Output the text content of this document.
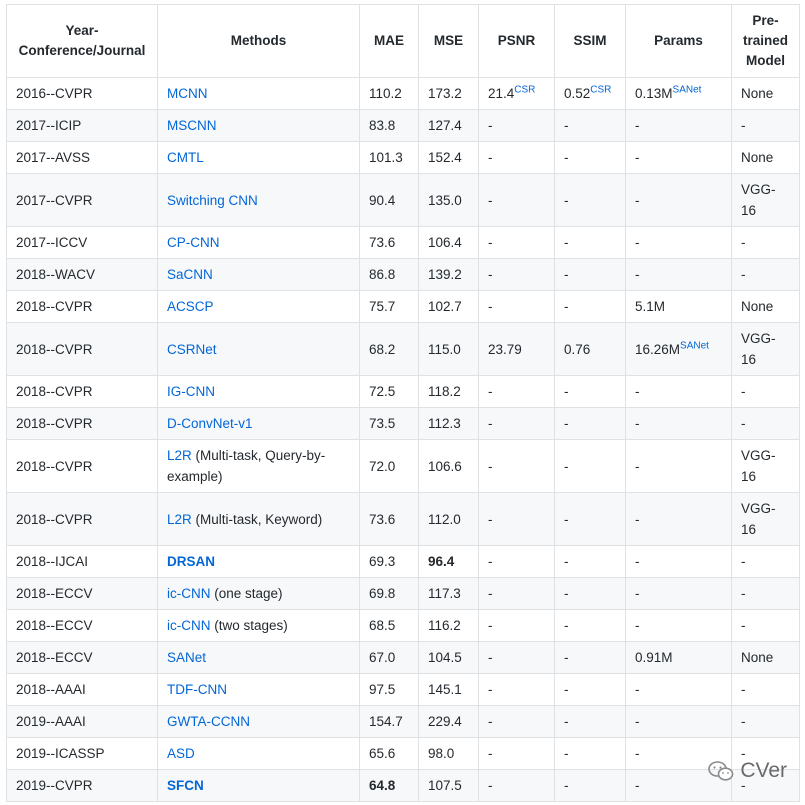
Year-Conference/Journal	Methods	MAE	MSE	PSNR	SSIM	Params	Pre-trained Model
2016--CVPR	MCNN	110.2	173.2	$21.4^{CSR}$	$0.52^{CSR}$	$0.13M^{SANet}$	None
2017--ICIP	MSCNN	83.8	127.4	-	-	-	-
2017--AVSS	CMTL	101.3	152.4	-	-	-	None
2017--CVPR	Switching CNN	90.4	135.0	-	-	-	VGG-16
2017--ICCV	CP-CNN	73.6	106.4	-	-	-	-
2018--WACV	SaCNN	86.8	139.2	-	-	-	-
2018--CVPR	ACSCP	75.7	102.7	-	-	5.1M	None
2018--CVPR	CSRNet	68.2	115.0	23.79	0.76	$16.26M^{SANet}$	VGG-16
2018--CVPR	IG-CNN	72.5	118.2	-	-	-	-
2018--CVPR	D-ConvNet-v1	73.5	112.3	-	-	-	-
2018--CVPR	L2R (Multi-task, Query-by-example)	72.0	106.6	-	-	-	VGG-16
2018--CVPR	L2R (Multi-task, Keyword)	73.6	112.0	-	-	-	VGG-16
2018--IJCAI	DRSAN	69.3	96.4	-	-	-	-
2018--ECCV	ic-CNN (one stage)	69.8	117.3	-	-	-	-
2018--ECCV	ic-CNN (two stages)	68.5	116.2	-	-	-	-
2018--ECCV	SANet	67.0	104.5	-	-	0.91M	None
2018--AAAI	TDF-CNN	97.5	145.1	-	-	-	-
2019--AAAI	GWTA-CCNN	154.7	229.4	-	-	-	-
2019--ICASSP	ASD	65.6	98.0	-	-	-	-
2019--CVPR	SFCN	64.8	107.5	-	-	-	-
CVer
